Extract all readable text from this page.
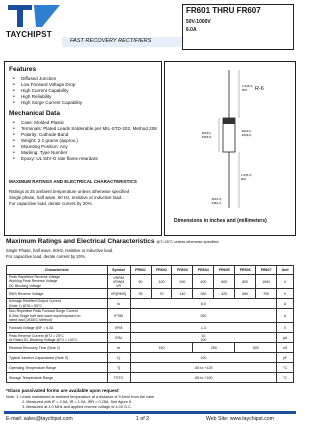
TAYCHIPST
FAST RECOVERY RECTIFIERS
FR601 THRU FR607
50V-1000V
6.0A
Features
• Diffused Junction
• Low Forward Voltage Drop
• High Current Capability
• High Reliability
• High Surge Current Capability
Mechanical Data
• Case: Molded Plastic
• Terminals: Plated Leads Solderable per MIL-STD-202, Method 208
• Polarity: Cathode Band
• Weight: 2.1 grams (approx.)
• Mounting Position: Any
• Marking: Type Number
• Epoxy: UL 94V-O rate flame retardant
MAXIMUM RATINGS AND ELECTRICAL CHARACTERISTICS
Ratings at 25 ambient temperature unless otherwise specified
Single phase, half wave, 60 Hz, resistive or inductive load.
For capacitive load, derate current by 20%.
1.0(25.4)
MIN.
.360(9.1)
.340(8.6)
.360(9.1)
.340(8.6)
1.0(25.4)
MIN.
.052(1.3)
.048(1.2)
R-6
Dimensions in inches and (millimeters)
Maximum Ratings and Electrical Characteristics @T=25°C unless otherwise specified
Single Phase, half wave, 60Hz, resistive or inductive load.
For capacitive load, derate current by 20%.
Characteristic	Symbol	FR601	FR602	FR603	FR604	FR605	FR606	FR607	Unit
Peak Repetitive Reverse Voltage
Working Peak Reverse Voltage
DC Blocking Voltage	VRRM
VRWM
VR	50	100	200	400	600	800	1000	V
RMS Reverse Voltage	VR(RMS)	35	70	140	280	420	560	700	V
Average Rectified Output Current
(Note 1) @TA = 55°C	Io	6.0							A
Non-Repetitive Peak Forward Surge Current
8.3ms Single half sine-wave superimposed on
rated load (JEDEC Method)	IFSM	250							A
Forward Voltage @IF = 6.0A	VFM	1.3							V
Peak Reverse Current @TJ = 25°C
At Rated DC Blocking Voltage @TJ = 100°C	IRM	10
100							µA
Reverse Recovery Time (Note 2)	trr	150			250		500		nS
Typical Junction Capacitance (Note 3)	Cj	100							pF
Operating Temperature Range	Tj	-65 to +125							°C
Storage Temperature Range	TSTG	-65 to +150							°C
*Glass passivated forms are available upon request
Note: 1. Leads maintained at ambient temperature at a distance of 9.5mm from the case
2. Measured with IF = 0.5A, IR = 1.0A, IRR = 0.25A. See figure 5.
3. Measured at 1.0 MHz and applied reverse voltage of 4.0V D.C.
E-mail: sales@taychipst.com	1 of 2	Web Site: www.taychipst.com
